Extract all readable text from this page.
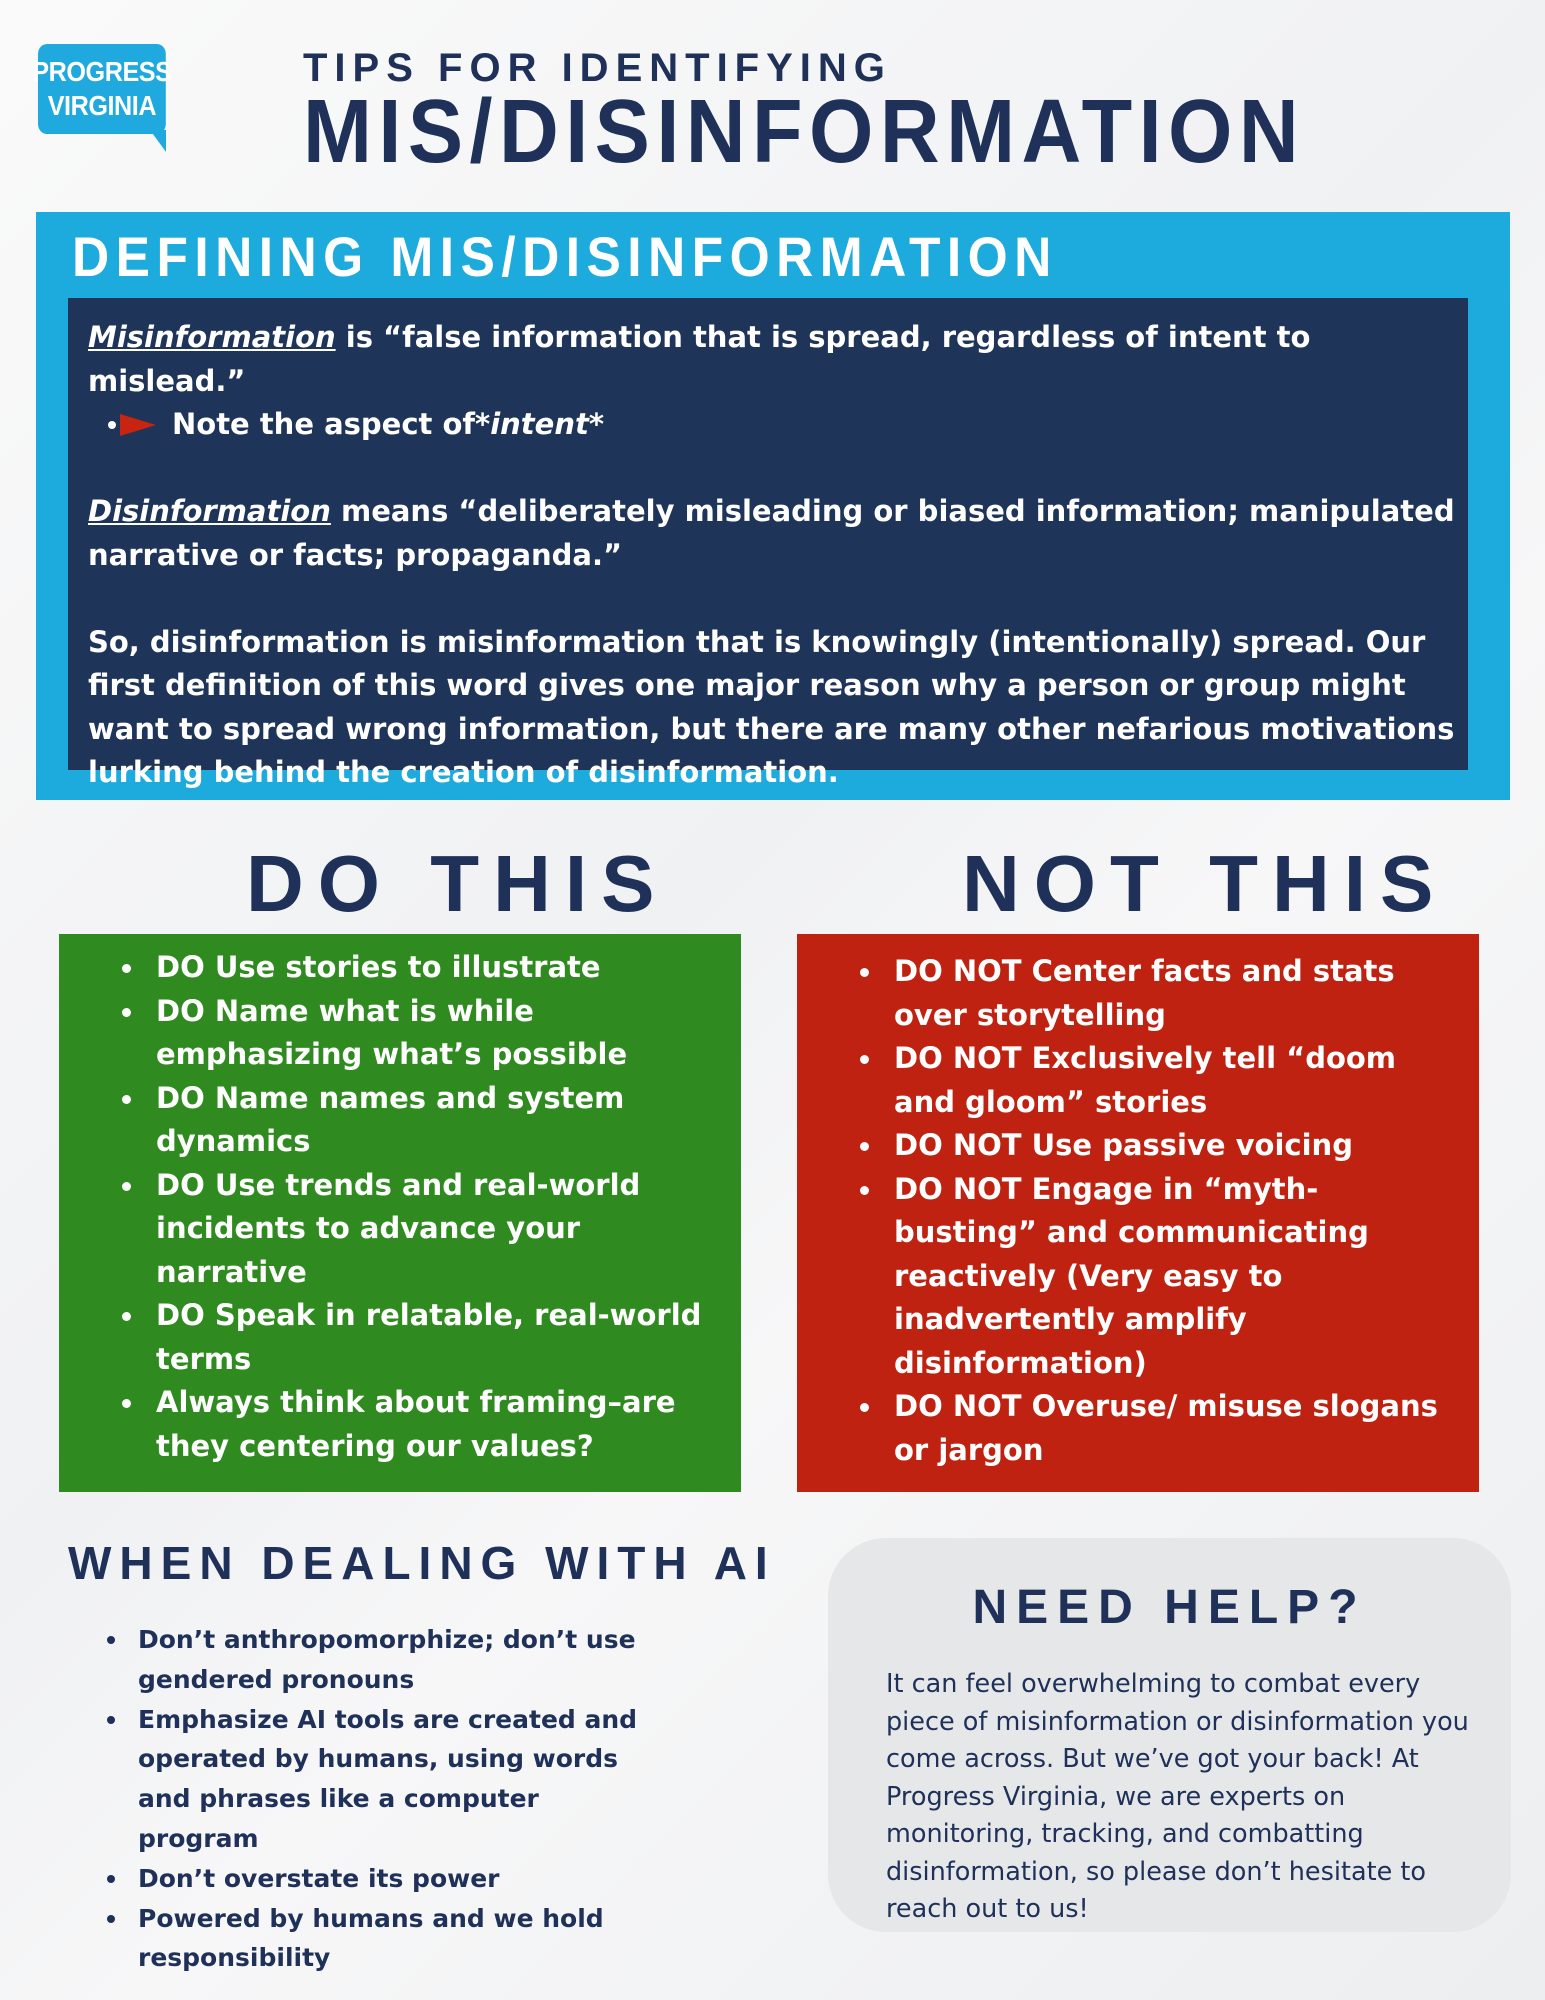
PROGRESS
VIRGINIA
TIPS FOR IDENTIFYING
MIS/DISINFORMATION
DEFINING MIS/DISINFORMATION

Misinformation is “false information that is spread, regardless of intent to mislead.”

Note the aspect of *intent*

Disinformation means “deliberately misleading or biased information; manipulated narrative or facts; propaganda.”

So, disinformation is misinformation that is knowingly (intentionally) spread. Our first definition of this word gives one major reason why a person or group might want to spread wrong information, but there are many other nefarious motivations lurking behind the creation of disinformation.

DO THIS	NOT THIS
DO Use stories to illustrate
DO Name what is while emphasizing what’s possible
DO Name names and system dynamics
DO Use trends and real-world incidents to advance your narrative
DO Speak in relatable, real-world terms
Always think about framing–are they centering our values?
DO NOT Center facts and stats over storytelling
DO NOT Exclusively tell “doom and gloom” stories
DO NOT Use passive voicing
DO NOT Engage in “myth-busting” and communicating reactively (Very easy to inadvertently amplify disinformation)
DO NOT Overuse/ misuse slogans or jargon
WHEN DEALING WITH AI
Don’t anthropomorphize; don’t use gendered pronouns
Emphasize AI tools are created and operated by humans, using words and phrases like a computer program
Don’t overstate its power
Powered by humans and we hold responsibility
NEED HELP?
It can feel overwhelming to combat every piece of misinformation or disinformation you come across. But we’ve got your back! At Progress Virginia, we are experts on monitoring, tracking, and combatting disinformation, so please don’t hesitate to reach out to us!
